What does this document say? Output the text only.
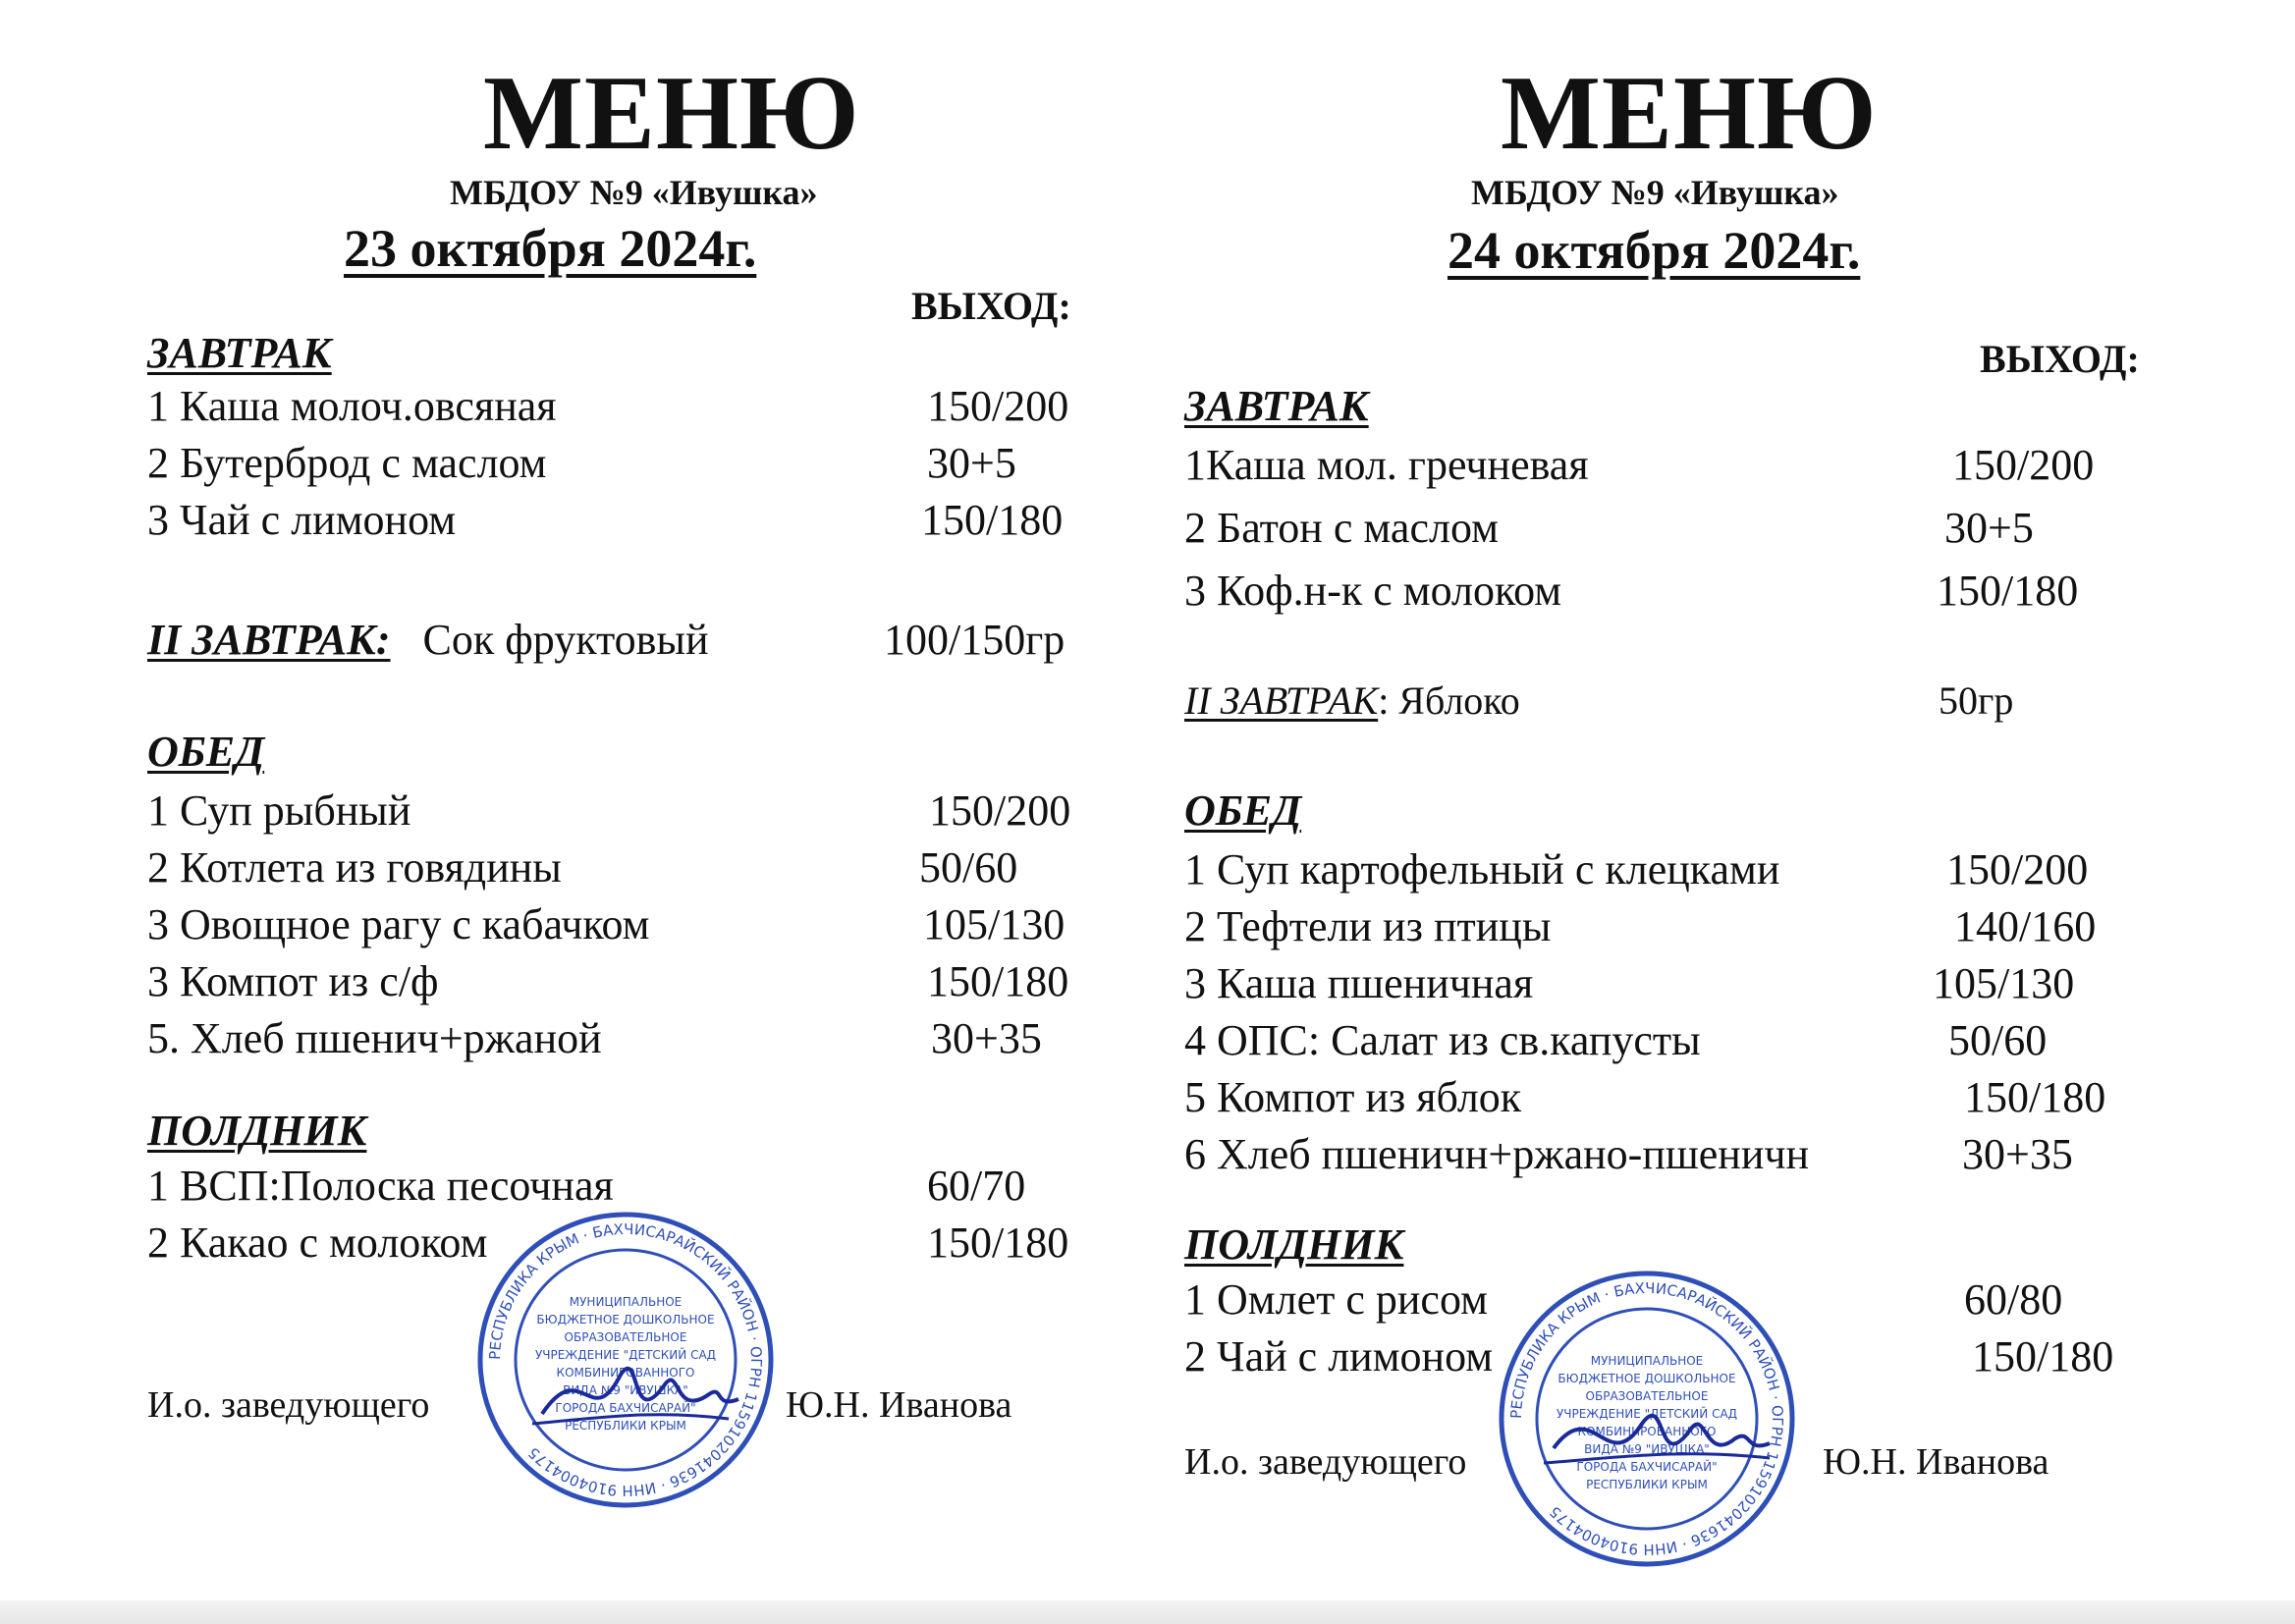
МЕНЮ
МБДОУ №9 «Ивушка»
23 октября 2024г.
ВЫХОД:
ЗАВТРАК
1 Каша молоч.овсяная	150/200
2 Бутерброд с маслом	30+5
3 Чай с лимоном	150/180
II ЗАВТРАК: Сок фруктовый	100/150гр
ОБЕД
1 Суп рыбный	150/200
2 Котлета из говядины	50/60
3 Овощное рагу с кабачком	105/130
3 Компот из с/ф	150/180
5. Хлеб пшенич+ржаной	30+35
ПОЛДНИК
1 ВСП:Полоска песочная	60/70
2 Какао с молоком	150/180
И.о. заведующего	Ю.Н. Иванова
МЕНЮ
МБДОУ №9 «Ивушка»
24 октября 2024г.
ВЫХОД:
ЗАВТРАК
1Каша мол. гречневая	150/200
2 Батон с маслом	30+5
3 Коф.н-к с молоком	150/180
II ЗАВТРАК: Яблоко	50гр
ОБЕД
1 Суп картофельный с клецками	150/200
2 Тефтели из птицы	140/160
3 Каша пшеничная	105/130
4 ОПС: Салат из св.капусты	50/60
5 Компот из яблок	150/180
6 Хлеб пшеничн+ржано-пшеничн	30+35
ПОЛДНИК
1 Омлет с рисом	60/80
2 Чай с лимоном	150/180
И.о. заведующего	Ю.Н. Иванова
РЕСПУБЛИКА КРЫМ · БАХЧИСАРАЙСКИЙ РАЙОН · ОГРН 1159102041636 · ИНН 9104004175
МУНИЦИПАЛЬНОЕ
БЮДЖЕТНОЕ ДОШКОЛЬНОЕ
ОБРАЗОВАТЕЛЬНОЕ
УЧРЕЖДЕНИЕ "ДЕТСКИЙ САД
КОМБИНИРОВАННОГО
ВИДА №9 "ИВУШКА"
ГОРОДА БАХЧИСАРАЙ"
РЕСПУБЛИКИ КРЫМ
РЕСПУБЛИКА КРЫМ · БАХЧИСАРАЙСКИЙ РАЙОН · ОГРН 1159102041636 · ИНН 9104004175
МУНИЦИПАЛЬНОЕ
БЮДЖЕТНОЕ ДОШКОЛЬНОЕ
ОБРАЗОВАТЕЛЬНОЕ
УЧРЕЖДЕНИЕ "ДЕТСКИЙ САД
КОМБИНИРОВАННОГО
ВИДА №9 "ИВУШКА"
ГОРОДА БАХЧИСАРАЙ"
РЕСПУБЛИКИ КРЫМ
